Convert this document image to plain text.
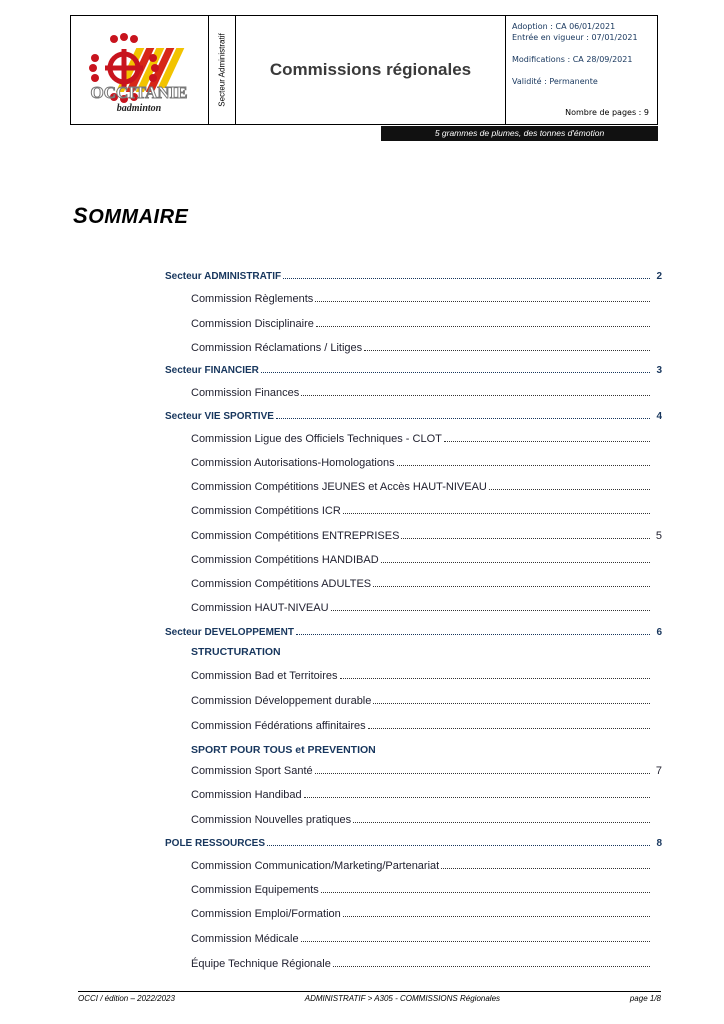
OCCITANIE
badminton
Secteur Administratif	Commissions régionales
Adoption : CA 06/01/2021
Entrée en vigueur : 07/01/2021
Modifications : CA 28/09/2021
Validité : Permanente
Nombre de pages : 9
5 grammes de plumes, des tonnes d'émotion
SOMMAIRE
Secteur ADMINISTRATIF	2
Commission Règlements
Commission Disciplinaire
Commission Réclamations / Litiges
Secteur FINANCIER	3
Commission Finances
Secteur VIE SPORTIVE	4
Commission Ligue des Officiels Techniques - CLOT
Commission Autorisations-Homologations
Commission Compétitions JEUNES et Accès HAUT-NIVEAU
Commission Compétitions ICR
Commission Compétitions ENTREPRISES	5
Commission Compétitions HANDIBAD
Commission Compétitions ADULTES
Commission HAUT-NIVEAU
Secteur DEVELOPPEMENT	6
STRUCTURATION
Commission Bad et Territoires
Commission Développement durable
Commission Fédérations affinitaires
SPORT POUR TOUS et PREVENTION
Commission Sport Santé	7
Commission Handibad
Commission Nouvelles pratiques
POLE RESSOURCES	8
Commission Communication/Marketing/Partenariat
Commission Equipements
Commission Emploi/Formation
Commission Médicale
Équipe Technique Régionale
OCCI / édition – 2022/2023	ADMINISTRATIF > A305 - COMMISSIONS Régionales	page 1/8
